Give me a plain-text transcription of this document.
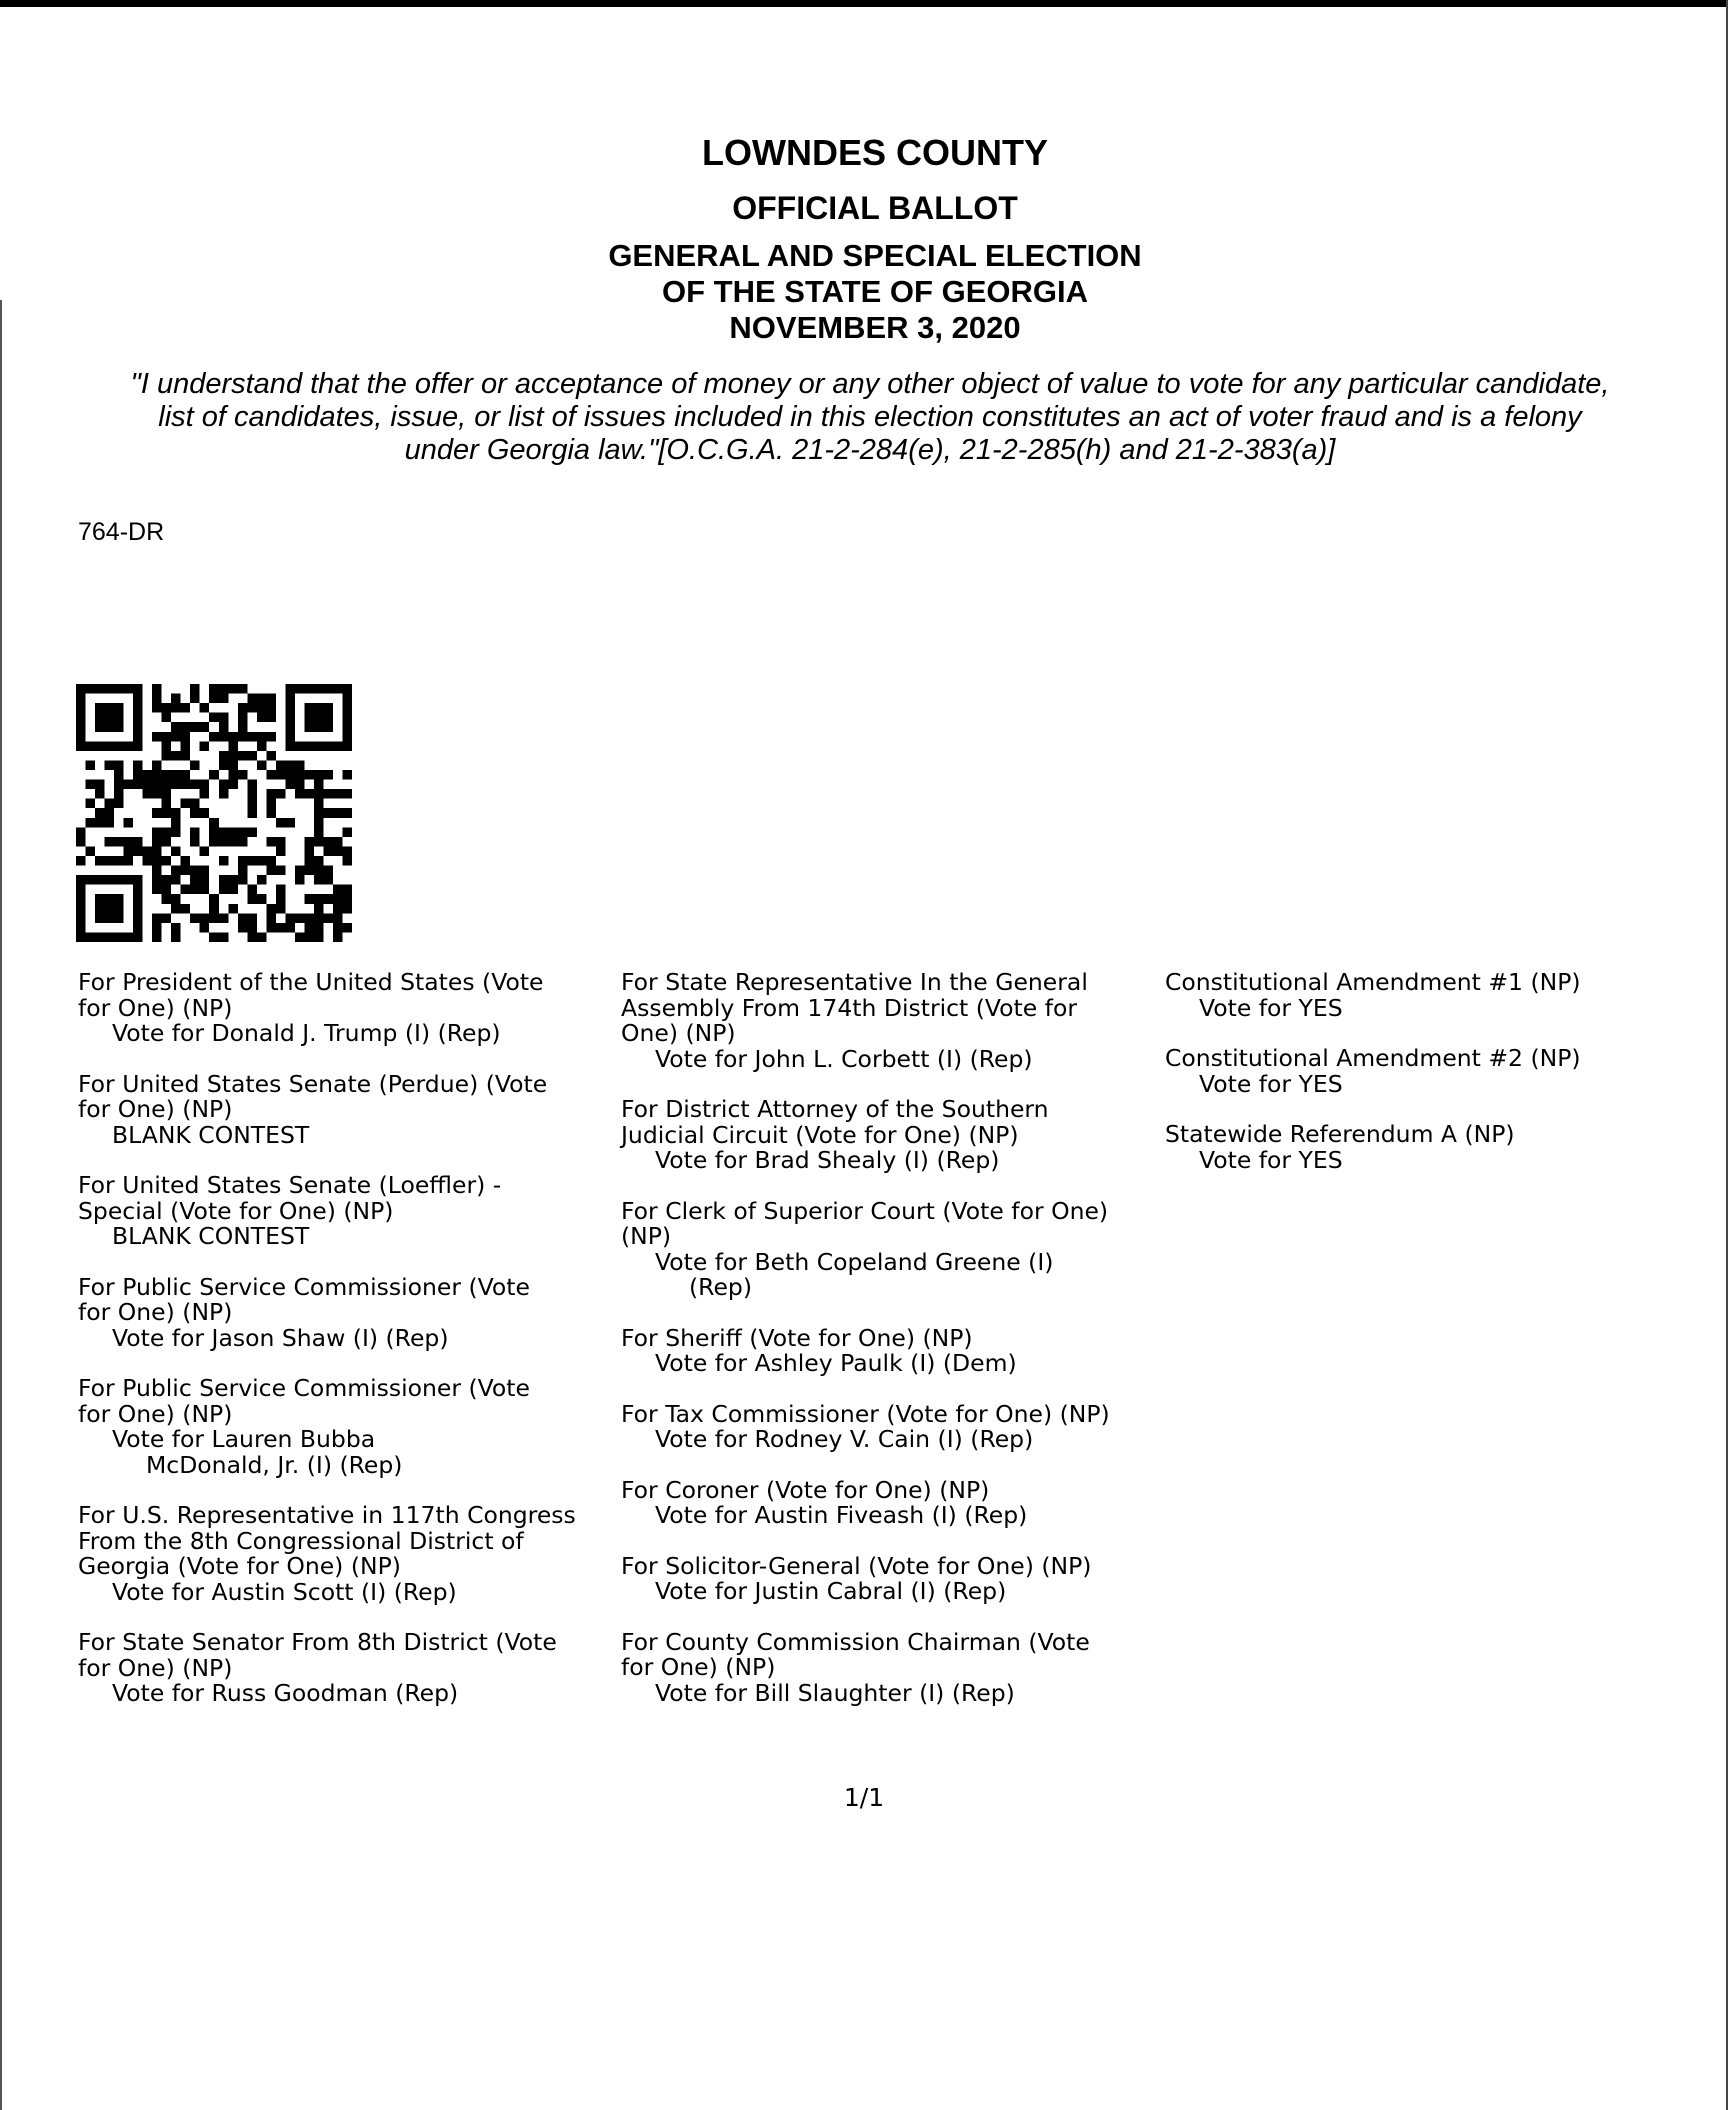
LOWNDES COUNTY
OFFICIAL BALLOT
GENERAL AND SPECIAL ELECTION
OF THE STATE OF GEORGIA
NOVEMBER 3, 2020
"I understand that the offer or acceptance of money or any other object of value to vote for any particular candidate,
list of candidates, issue, or list of issues included in this election constitutes an act of voter fraud and is a felony
under Georgia law."[O.C.G.A. 21-2-284(e), 21-2-285(h) and 21-2-383(a)]
764-DR
For President of the United States (Vote
for One) (NP)
Vote for Donald J. Trump (I) (Rep)
For United States Senate (Perdue) (Vote
for One) (NP)
BLANK CONTEST
For United States Senate (Loeffler) -
Special (Vote for One) (NP)
BLANK CONTEST
For Public Service Commissioner (Vote
for One) (NP)
Vote for Jason Shaw (I) (Rep)
For Public Service Commissioner (Vote
for One) (NP)
Vote for Lauren Bubba
McDonald, Jr. (I) (Rep)
For U.S. Representative in 117th Congress
From the 8th Congressional District of
Georgia (Vote for One) (NP)
Vote for Austin Scott (I) (Rep)
For State Senator From 8th District (Vote
for One) (NP)
Vote for Russ Goodman (Rep)
For State Representative In the General
Assembly From 174th District (Vote for
One) (NP)
Vote for John L. Corbett (I) (Rep)
For District Attorney of the Southern
Judicial Circuit (Vote for One) (NP)
Vote for Brad Shealy (I) (Rep)
For Clerk of Superior Court (Vote for One)
(NP)
Vote for Beth Copeland Greene (I)
(Rep)
For Sheriff (Vote for One) (NP)
Vote for Ashley Paulk (I) (Dem)
For Tax Commissioner (Vote for One) (NP)
Vote for Rodney V. Cain (I) (Rep)
For Coroner (Vote for One) (NP)
Vote for Austin Fiveash (I) (Rep)
For Solicitor-General (Vote for One) (NP)
Vote for Justin Cabral (I) (Rep)
For County Commission Chairman (Vote
for One) (NP)
Vote for Bill Slaughter (I) (Rep)
Constitutional Amendment #1 (NP)
Vote for YES
Constitutional Amendment #2 (NP)
Vote for YES
Statewide Referendum A (NP)
Vote for YES
1/1
